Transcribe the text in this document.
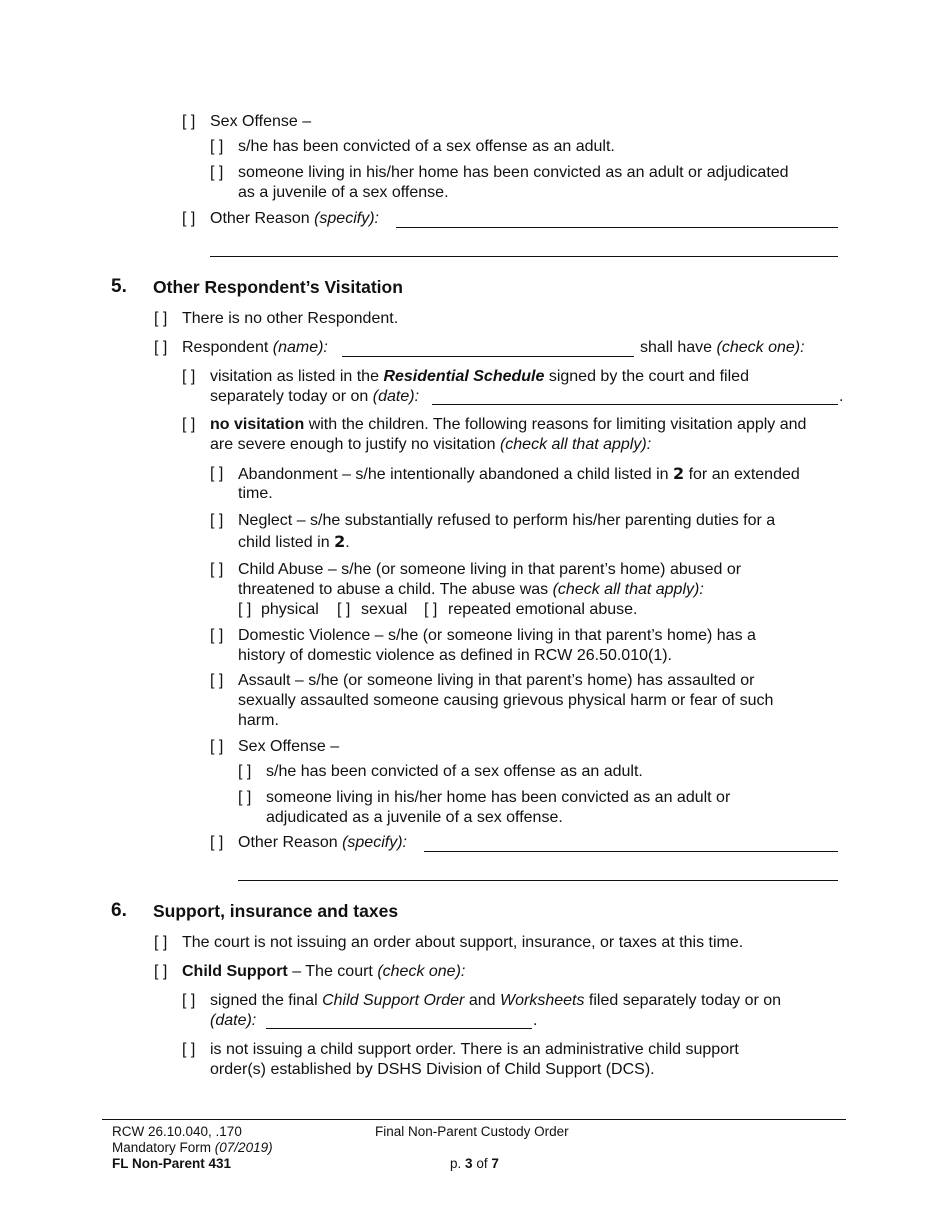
[ ] Sex Offense –
[ ] s/he has been convicted of a sex offense as an adult.
[ ] someone living in his/her home has been convicted as an adult or adjudicated
as a juvenile of a sex offense.
[ ] Other Reason (specify):
5. Other Respondent’s Visitation
[ ] There is no other Respondent.
[ ] Respondent (name):	shall have (check one):
[ ] visitation as listed in the Residential Schedule signed by the court and filed
separately today or on (date):	.
[ ] no visitation with the children. The following reasons for limiting visitation apply and
are severe enough to justify no visitation (check all that apply):
[ ] Abandonment – s/he intentionally abandoned a child listed in 2 for an extended
time.
[ ] Neglect – s/he substantially refused to perform his/her parenting duties for a
child listed in 2.
[ ] Child Abuse – s/he (or someone living in that parent’s home) abused or
threatened to abuse a child. The abuse was (check all that apply):
[ ] physical [ ] sexual [ ] repeated emotional abuse.
[ ] Domestic Violence – s/he (or someone living in that parent’s home) has a
history of domestic violence as defined in RCW 26.50.010(1).
[ ] Assault – s/he (or someone living in that parent’s home) has assaulted or
sexually assaulted someone causing grievous physical harm or fear of such
harm.
[ ] Sex Offense –
[ ] s/he has been convicted of a sex offense as an adult.
[ ] someone living in his/her home has been convicted as an adult or
adjudicated as a juvenile of a sex offense.
[ ] Other Reason (specify):
6. Support, insurance and taxes
[ ] The court is not issuing an order about support, insurance, or taxes at this time.
[ ] Child Support – The court (check one):
[ ] signed the final Child Support Order and Worksheets filed separately today or on
(date):	.
[ ] is not issuing a child support order. There is an administrative child support
order(s) established by DSHS Division of Child Support (DCS).
RCW 26.10.040, .170
Mandatory Form (07/2019)
FL Non-Parent 431
Final Non-Parent Custody Order
p. 3 of 7
